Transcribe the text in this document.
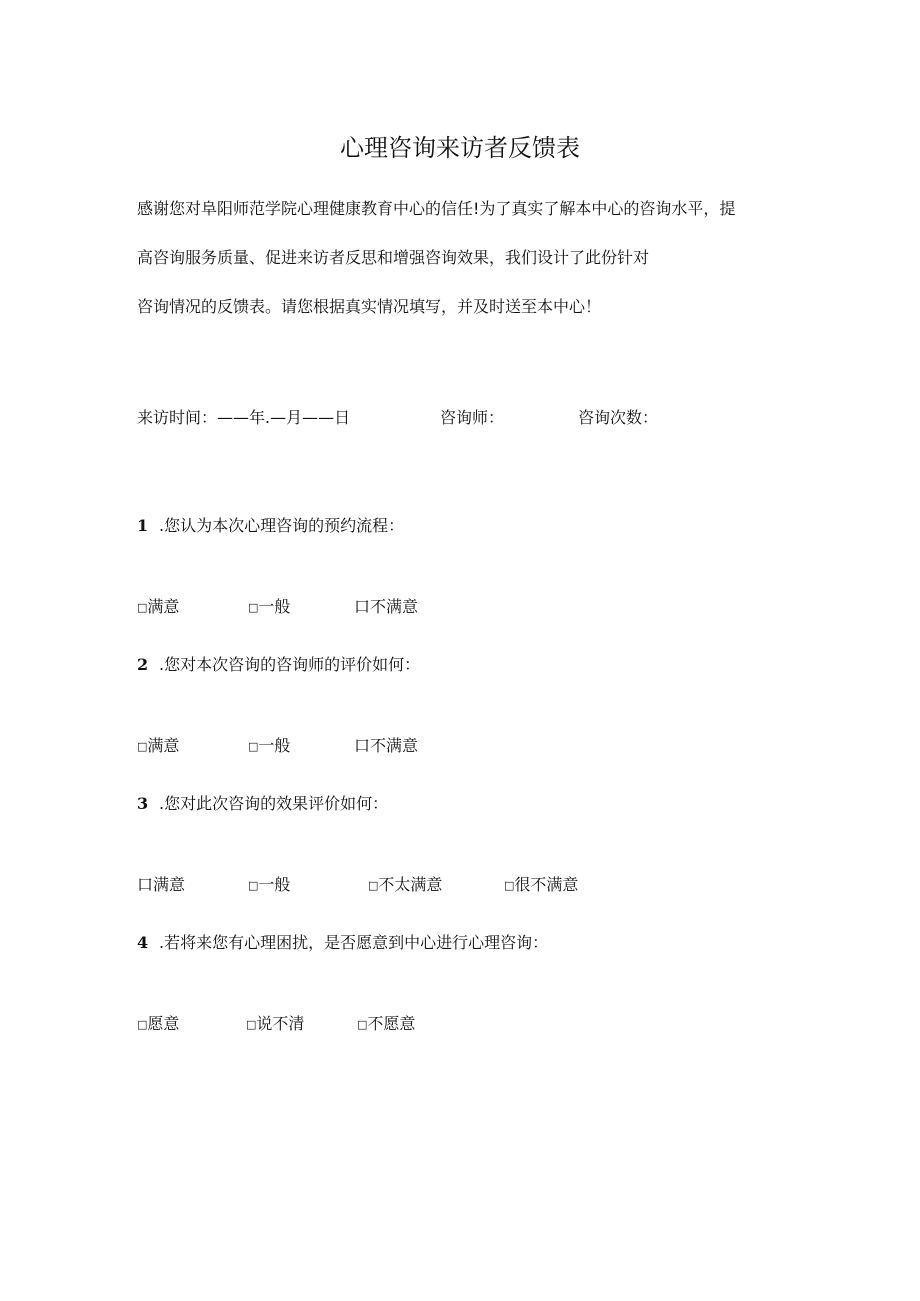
心理咨询来访者反馈表
感谢您对阜阳师范学院心理健康教育中心的信任!为了真实了解本中心的咨询水平，提
高咨询服务质量、促进来访者反思和增强咨询效果，我们设计了此份针对
咨询情况的反馈表。请您根据真实情况填写，并及时送至本中心！
来访时间：——年.—月——日	咨询师：	咨询次数：
1 .您认为本次心理咨询的预约流程：
□满意	□一般	口不满意
2 .您对本次咨询的咨询师的评价如何：
□满意	□一般	口不满意
3 .您对此次咨询的效果评价如何：
口满意	□一般	□不太满意	□很不满意
4 .若将来您有心理困扰，是否愿意到中心进行心理咨询：
□愿意	□说不清	□不愿意
